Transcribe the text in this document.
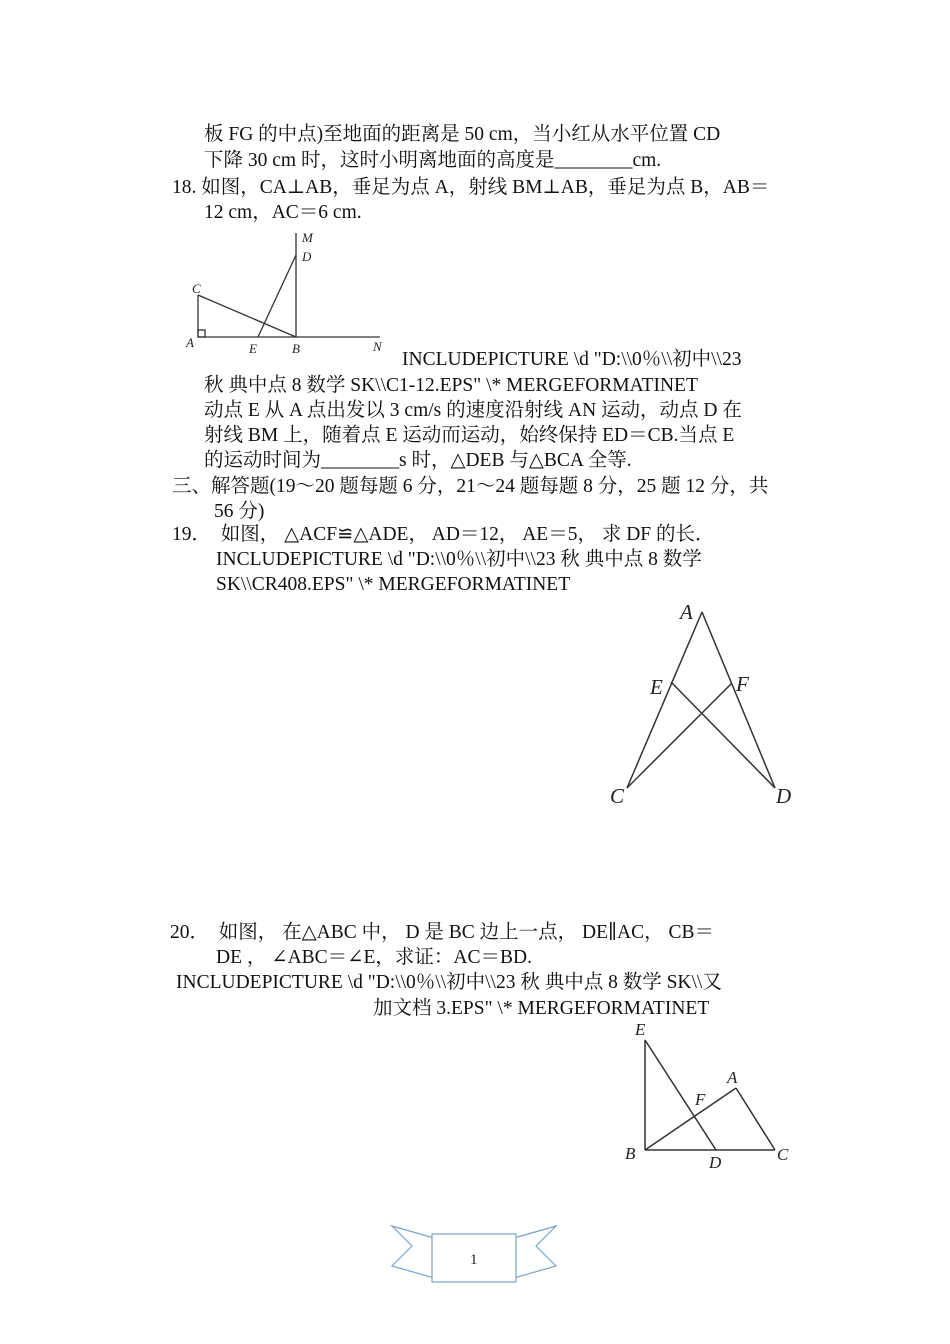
板 FG 的中点)至地面的距离是 50 cm，当小红从水平位置 CD
下降 30 cm 时，这时小明离地面的高度是________cm.
18. 如图，CA⊥AB，垂足为点 A，射线 BM⊥AB，垂足为点 B，AB＝
12 cm，AC＝6 cm.
M
D
C
A	E	B	N
INCLUDEPICTURE \d "D:\\0％\\初中\\23
秋 典中点 8 数学 SK\\C1-12.EPS" \* MERGEFORMATINET
动点 E 从 A 点出发以 3 cm/s 的速度沿射线 AN 运动，动点 D 在
射线 BM 上，随着点 E 运动而运动，始终保持 ED＝CB.当点 E
的运动时间为________s 时，△DEB 与△BCA 全等.
三、解答题(19～20 题每题 6 分，21～24 题每题 8 分，25 题 12 分，共
56 分)
19．  如图， △ACF≌△ADE， AD＝12， AE＝5， 求 DF 的长．
INCLUDEPICTURE \d "D:\\0％\\初中\\23 秋 典中点 8 数学
SK\\CR408.EPS" \* MERGEFORMATINET
A
E	F
C	D
20．  如图， 在△ABC 中， D 是 BC 边上一点， DE∥AC， CB＝
DE ， ∠ABC＝∠E，求证：AC＝BD.
INCLUDEPICTURE \d "D:\\0％\\初中\\23 秋 典中点 8 数学 SK\\又
加文档 3.EPS" \* MERGEFORMATINET
E
A
F
B	D	C
1
